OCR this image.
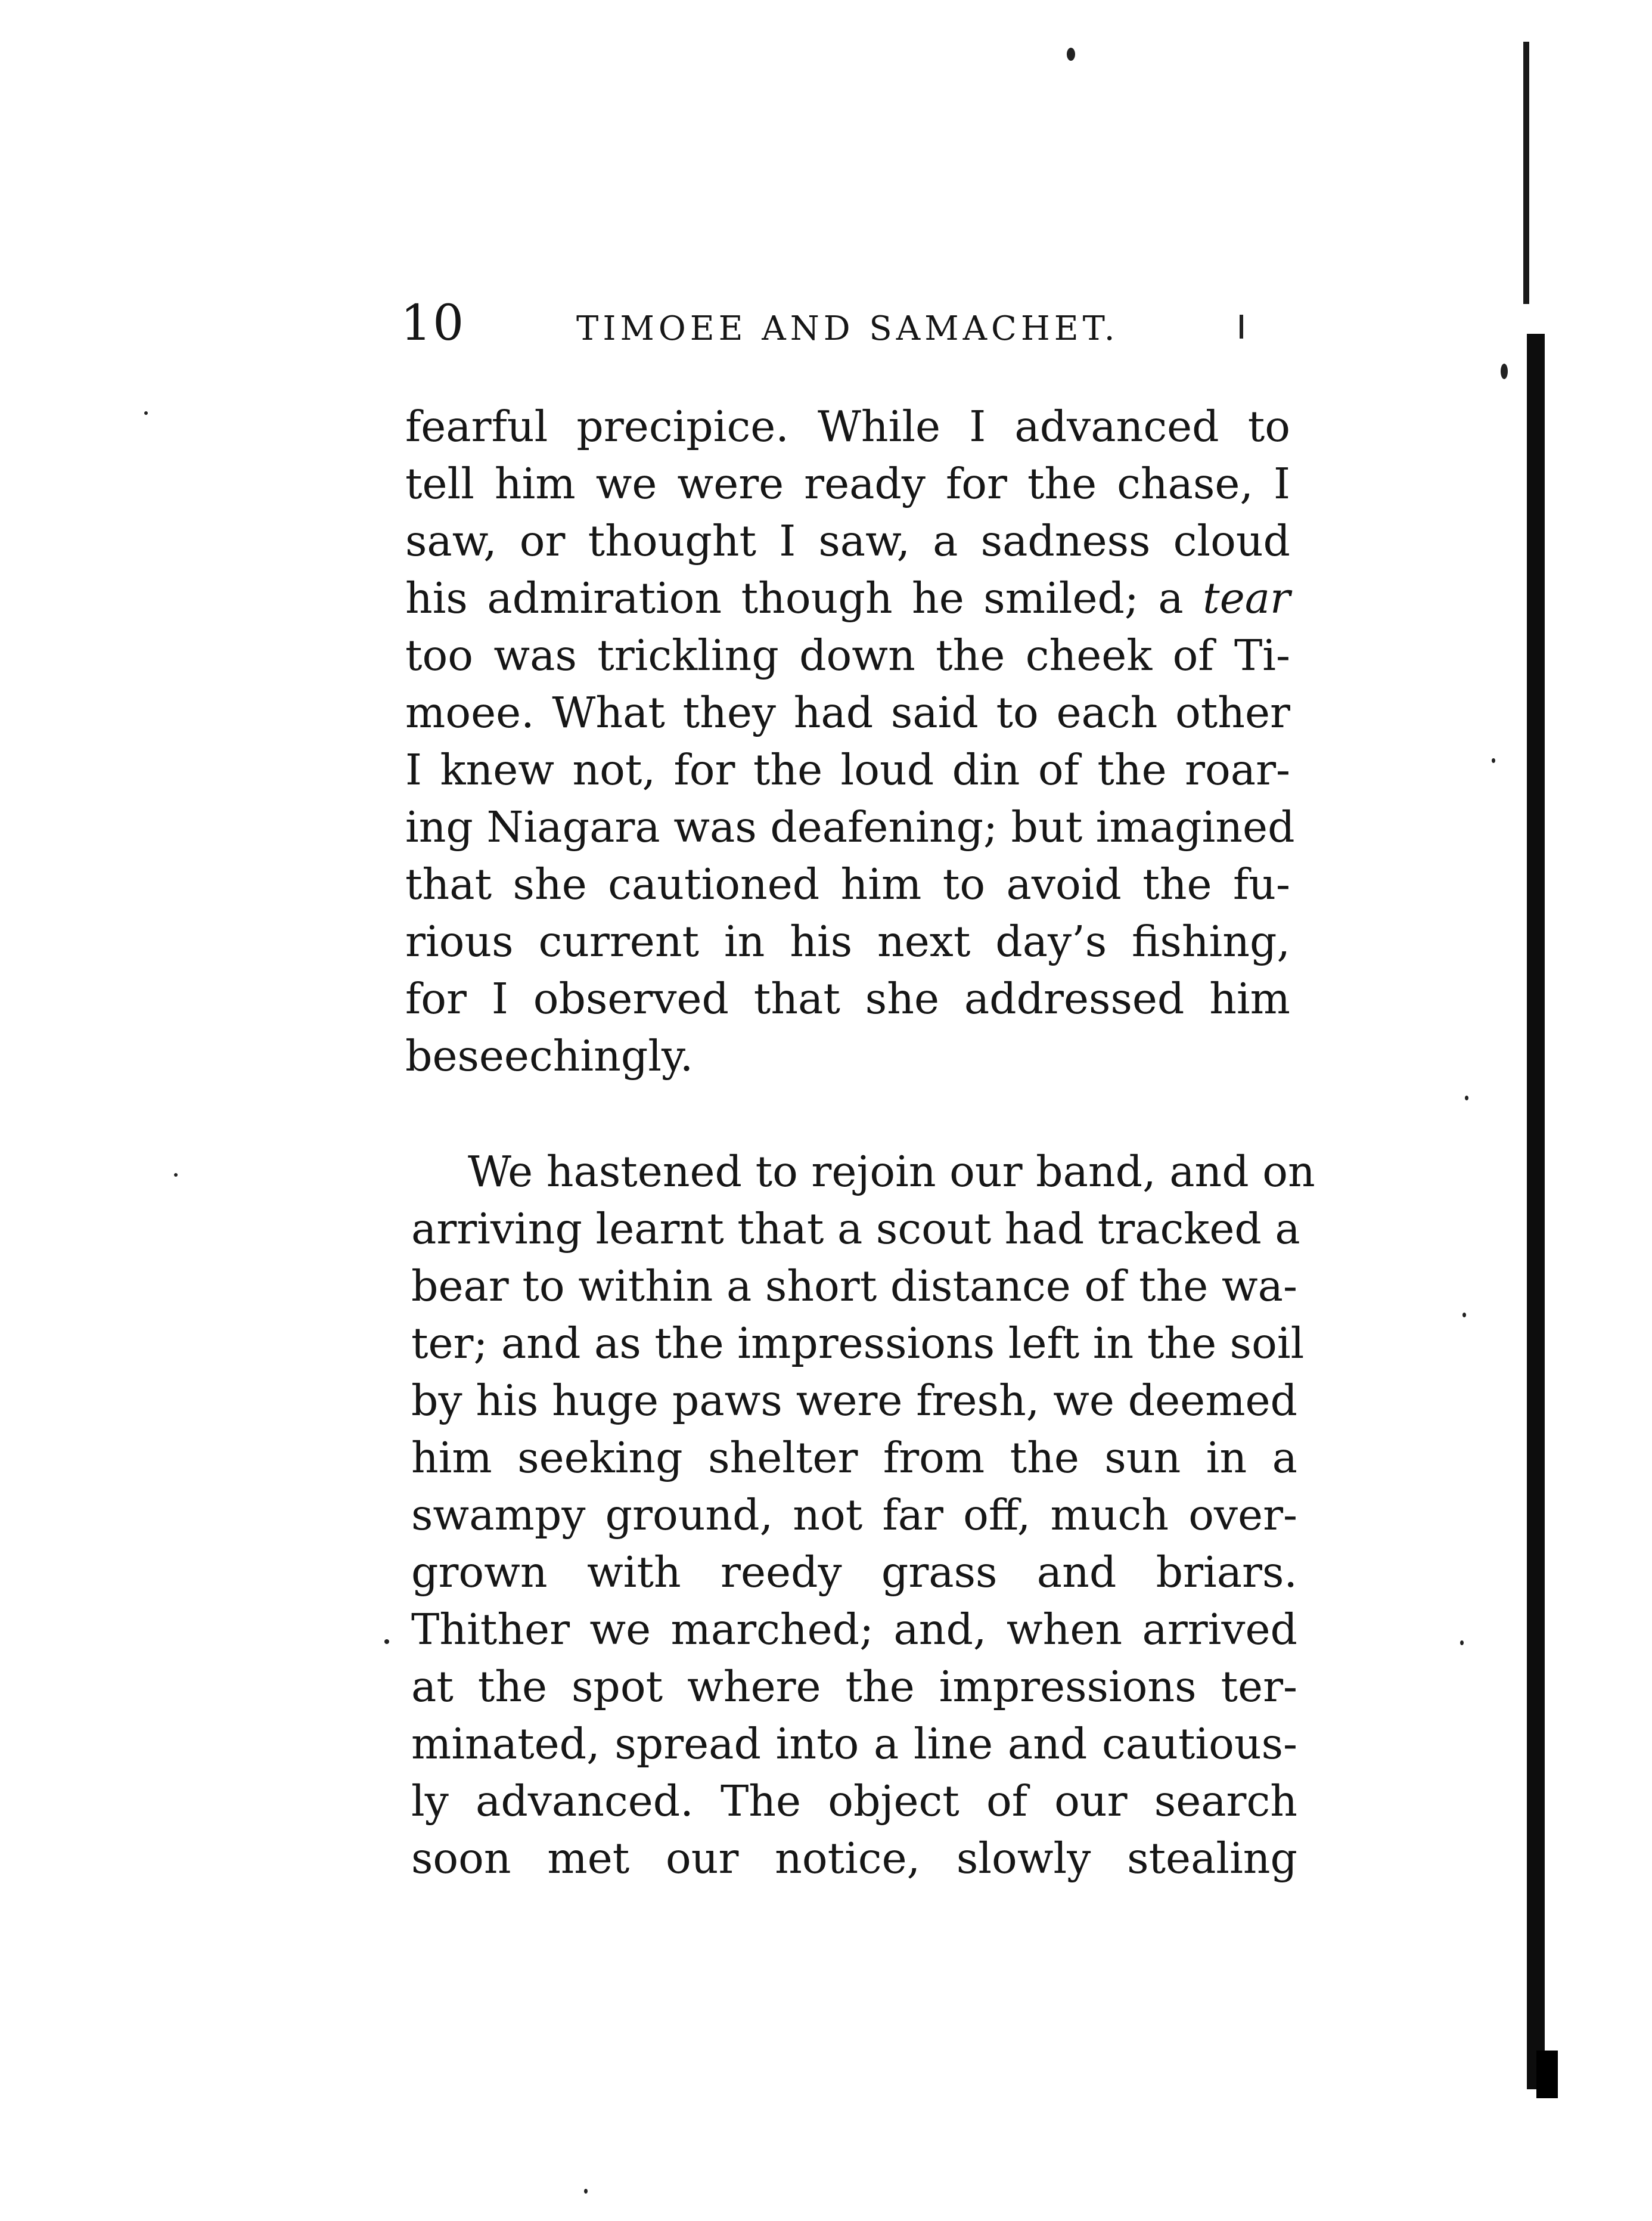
10	TIMOEE AND SAMACHET.
fearful precipice. While I advanced to
tell him we were ready for the chase, I
saw, or thought I saw, a sadness cloud
his admiration though he smiled; a tear
too was trickling down the cheek of Ti-
moee. What they had said to each other
I knew not, for the loud din of the roar-
ing Niagara was deafening; but imagined
that she cautioned him to avoid the fu-
rious current in his next day’s fishing,
for I observed that she addressed him
beseechingly.
We hastened to rejoin our band, and on
arriving learnt that a scout had tracked a
bear to within a short distance of the wa-
ter; and as the impressions left in the soil
by his huge paws were fresh, we deemed
him seeking shelter from the sun in a
swampy ground, not far off, much over-
grown with reedy grass and briars.
Thither we marched; and, when arrived
at the spot where the impressions ter-
minated, spread into a line and cautious-
ly advanced. The object of our search
soon met our notice, slowly stealing
